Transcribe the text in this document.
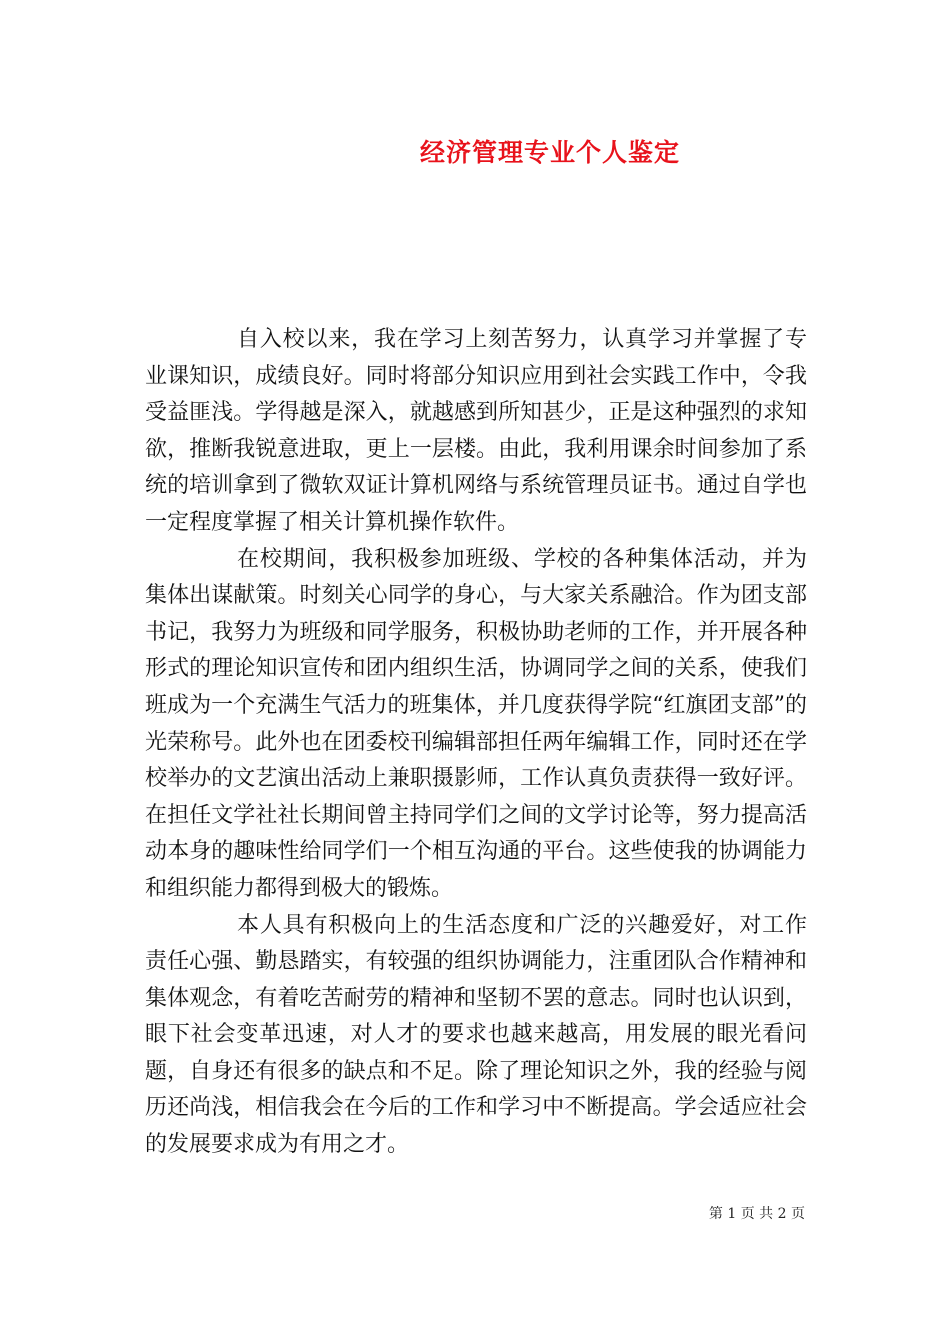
经济管理专业个人鉴定

自入校以来，我在学习上刻苦努力，认真学习并掌握了专业课知识，成绩良好。同时将部分知识应用到社会实践工作中，令我受益匪浅。学得越是深入，就越感到所知甚少，正是这种强烈的求知欲，推断我锐意进取，更上一层楼。由此，我利用课余时间参加了系统的培训拿到了微软双证计算机网络与系统管理员证书。通过自学也一定程度掌握了相关计算机操作软件。

在校期间，我积极参加班级、学校的各种集体活动，并为集体出谋献策。时刻关心同学的身心，与大家关系融洽。作为团支部书记，我努力为班级和同学服务，积极协助老师的工作，并开展各种形式的理论知识宣传和团内组织生活，协调同学之间的关系，使我们班成为一个充满生气活力的班集体，并几度获得学院“红旗团支部”的光荣称号。此外也在团委校刊编辑部担任两年编辑工作，同时还在学校举办的文艺演出活动上兼职摄影师，工作认真负责获得一致好评。在担任文学社社长期间曾主持同学们之间的文学讨论等，努力提高活动本身的趣味性给同学们一个相互沟通的平台。这些使我的协调能力和组织能力都得到极大的锻炼。

本人具有积极向上的生活态度和广泛的兴趣爱好，对工作责任心强、勤恳踏实，有较强的组织协调能力，注重团队合作精神和集体观念，有着吃苦耐劳的精神和坚韧不罢的意志。同时也认识到，眼下社会变革迅速，对人才的要求也越来越高，用发展的眼光看问题，自身还有很多的缺点和不足。除了理论知识之外，我的经验与阅历还尚浅，相信我会在今后的工作和学习中不断提高。学会适应社会的发展要求成为有用之才。

第 1 页 共 2 页
